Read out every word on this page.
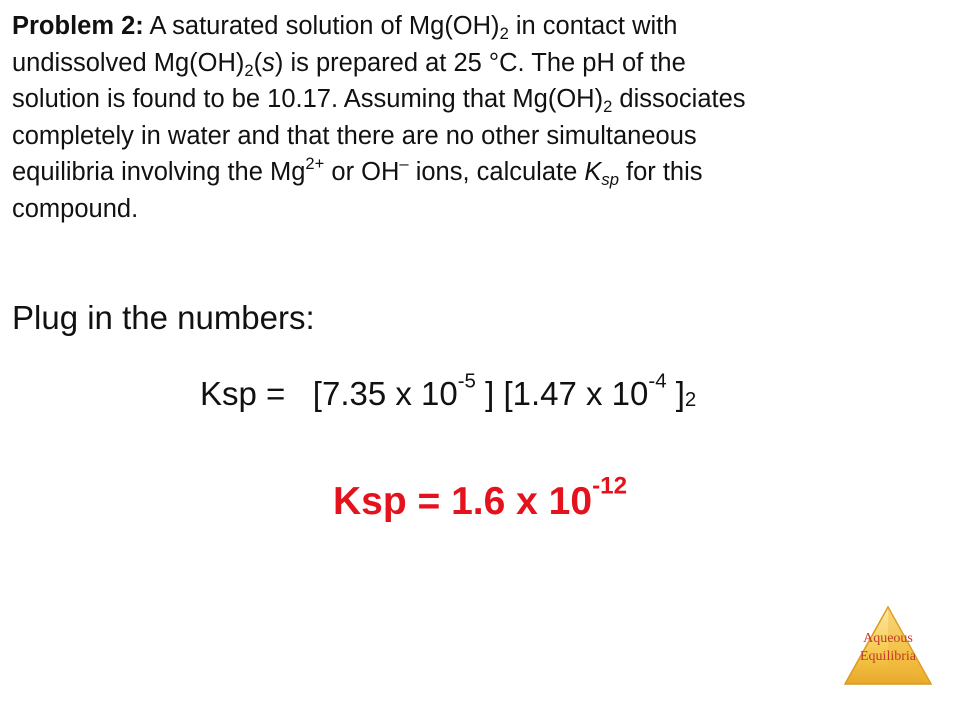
Problem 2: A saturated solution of $Mg(OH)_2$ in contact with
undissolved $Mg(OH)_2(s)$ is prepared at 25 °C. The pH of the
solution is found to be 10.17. Assuming that $Mg(OH)_2$ dissociates
completely in water and that there are no other simultaneous
equilibria involving the $Mg^{2+}$ or OH– ions, calculate $K_{sp}$ for this
compound.

Plug in the numbers:

Ksp =   [7.35 x $10^{-5}$ ] [1.47 x $10^{-4}$ ]$_2$

Ksp = 1.6 x $10^{-12}$

Aqueous
Equilibria
